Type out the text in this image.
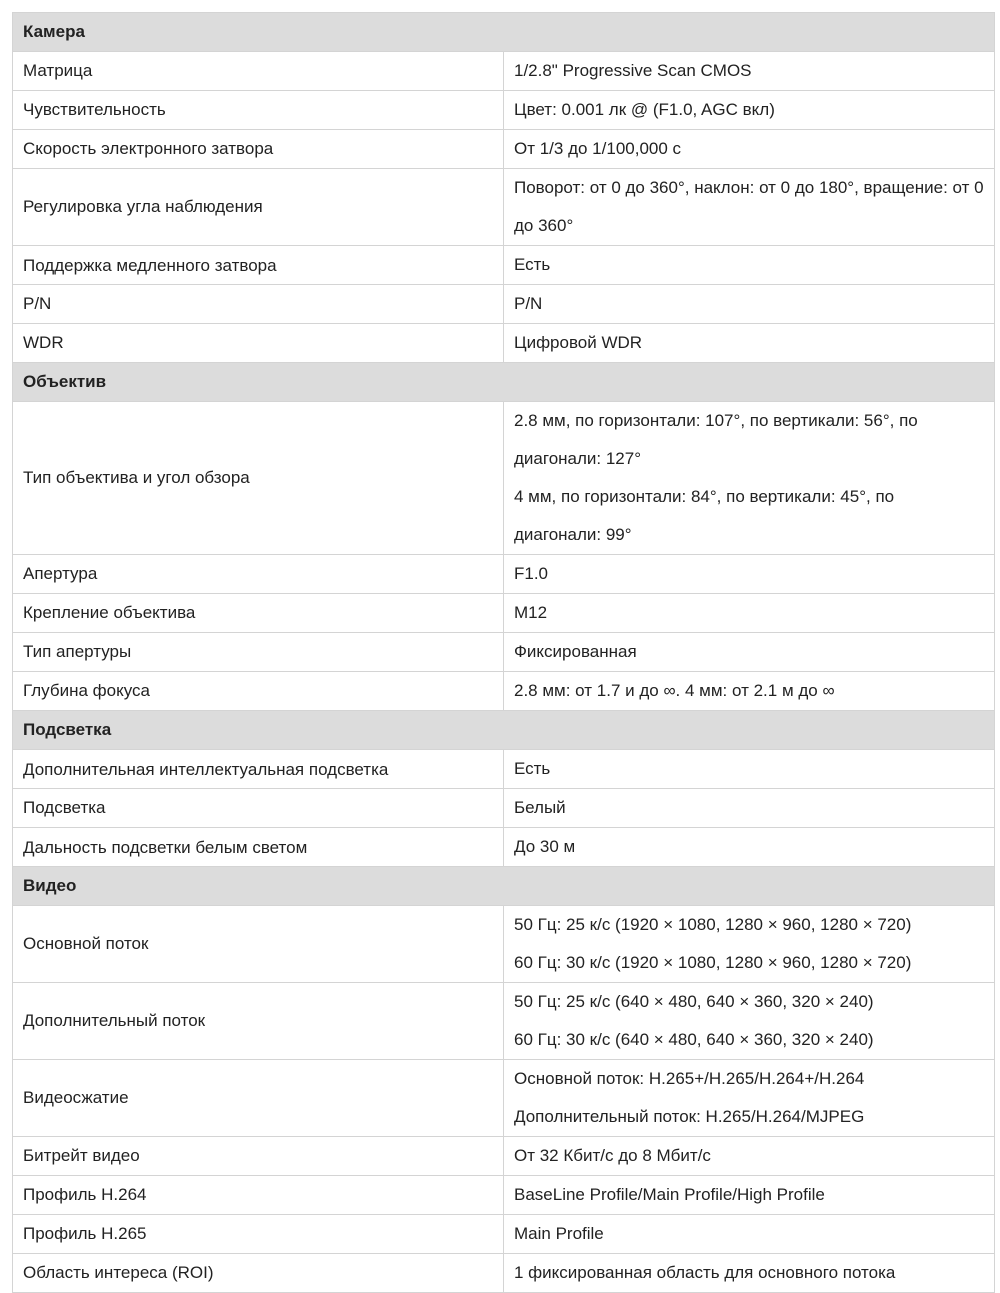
Камера	
Матрица	1/2.8" Progressive Scan CMOS

Чувствительность	Цвет: 0.001 лк @ (F1.0, AGC вкл)

Скорость электронного затвора	От 1/3 до 1/100,000 с

Регулировка угла наблюдения	Поворот: от 0 до 360°, наклон: от 0 до 180°, вращение: от 0 до 360°

Поддержка медленного затвора	Есть

P/N	P/N

WDR	Цифровой WDR

Объектив	
Тип объектива и угол обзора	2.8 мм, по горизонтали: 107°, по вертикали: 56°, по диагонали: 127°
4 мм, по горизонтали: 84°, по вертикали: 45°, по диагонали: 99°

Апертура	F1.0

Крепление объектива	M12

Тип апертуры	Фиксированная

Глубина фокуса	2.8 мм: от 1.7 и до ∞. 4 мм: от 2.1 м до ∞

Подсветка	
Дополнительная интеллектуальная подсветка	Есть

Подсветка	Белый

Дальность подсветки белым светом	До 30 м

Видео	
Основной поток	50 Гц: 25 к/с (1920 × 1080, 1280 × 960, 1280 × 720)
60 Гц: 30 к/с (1920 × 1080, 1280 × 960, 1280 × 720)

Дополнительный поток	50 Гц: 25 к/с (640 × 480, 640 × 360, 320 × 240)
60 Гц: 30 к/с (640 × 480, 640 × 360, 320 × 240)

Видеосжатие	Основной поток: H.265+/H.265/H.264+/H.264
Дополнительный поток: H.265/H.264/MJPEG

Битрейт видео	От 32 Кбит/с до 8 Мбит/с

Профиль H.264	BaseLine Profile/Main Profile/High Profile

Профиль H.265	Main Profile

Область интереса (ROI)	1 фиксированная область для основного потока
